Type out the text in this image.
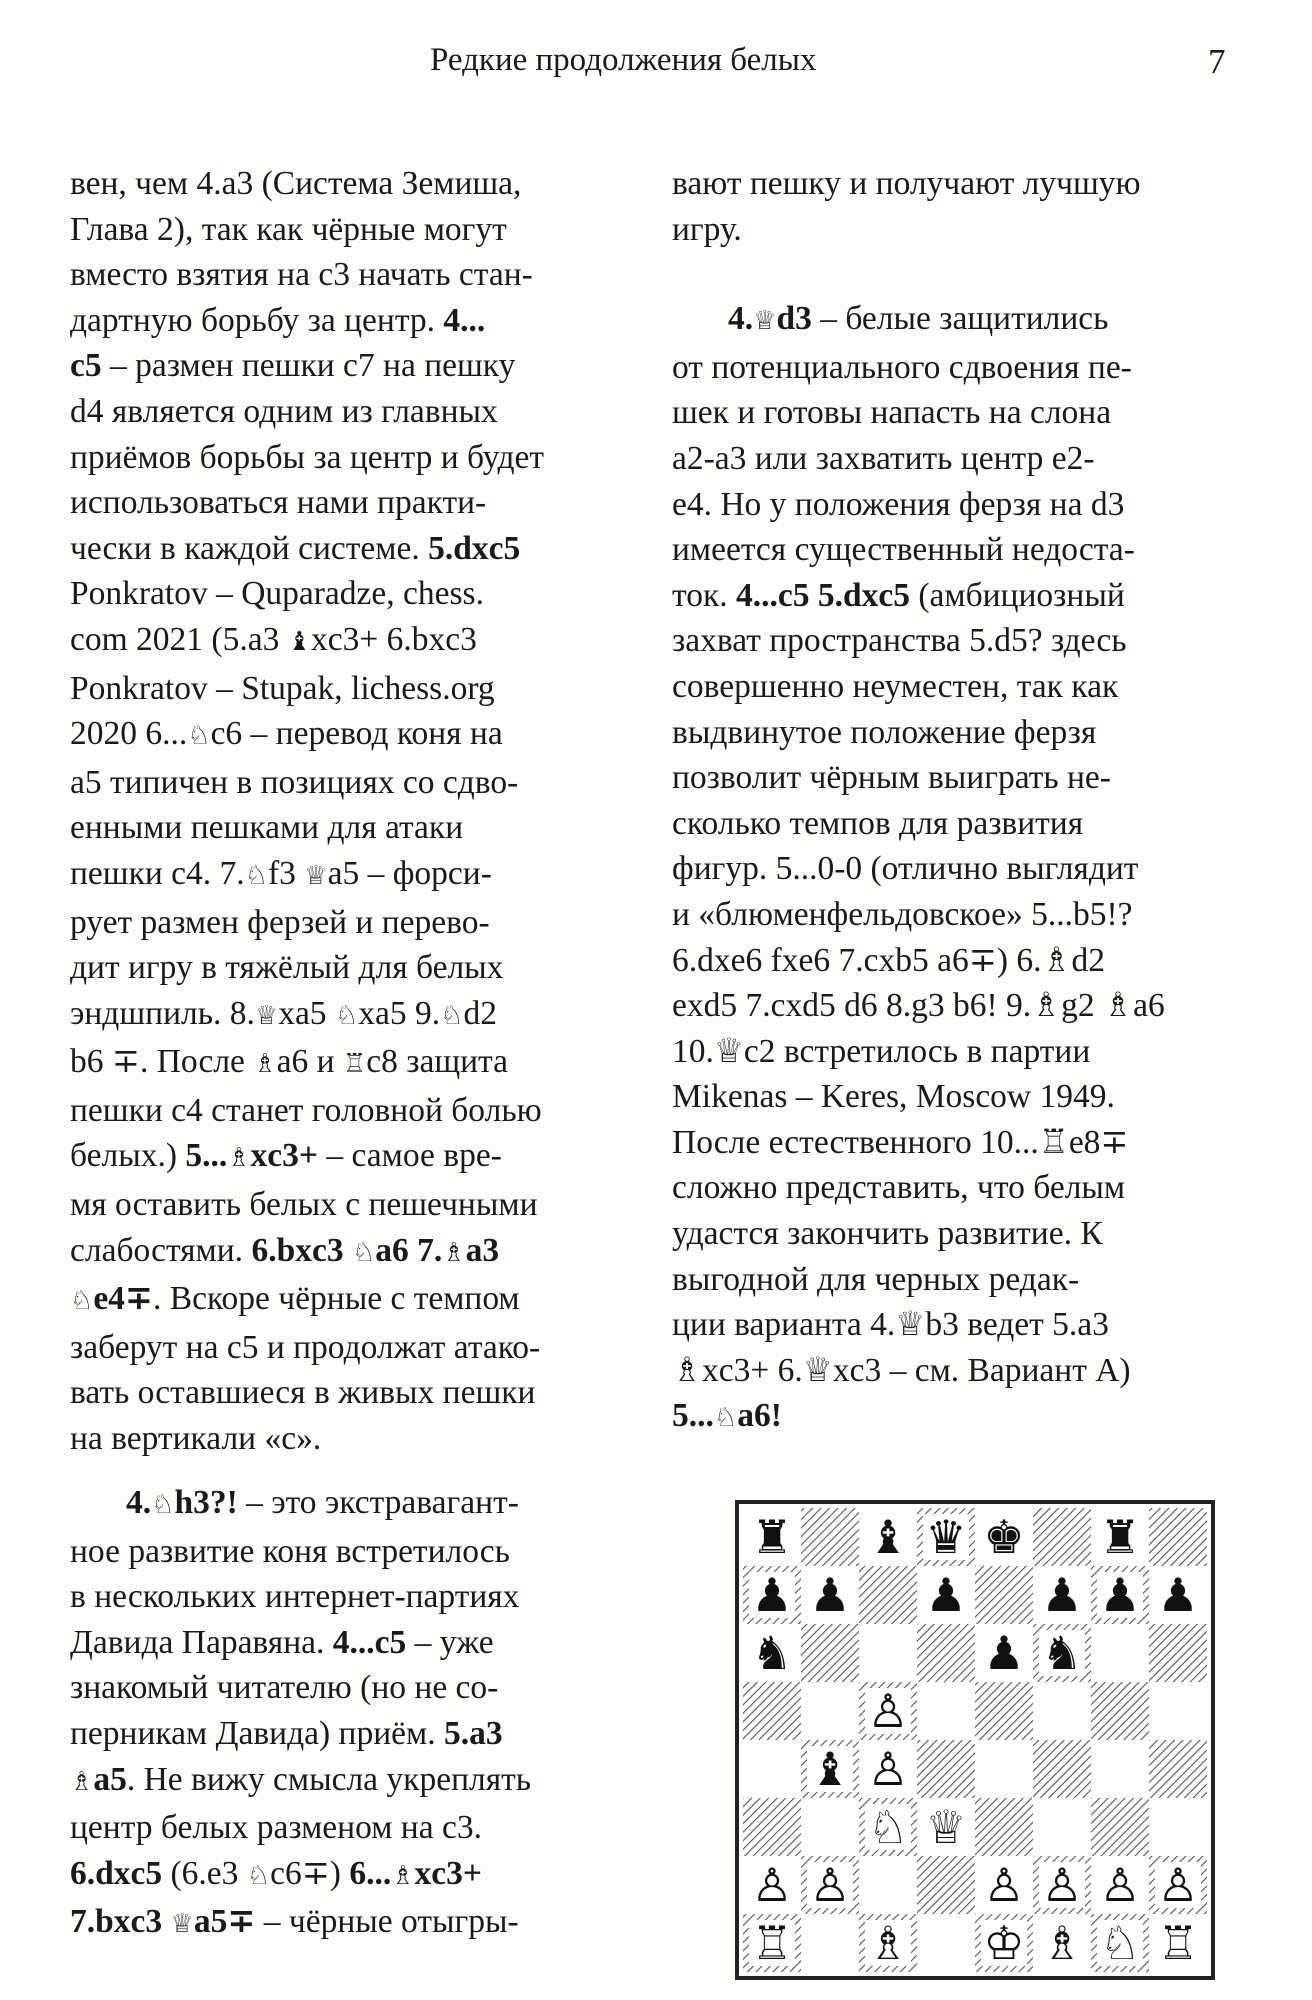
Редкие продолжения белых	7

вен, чем 4.а3 (Система Земиша,

Глава 2), так как чёрные могут

вместо взятия на с3 начать стан-

дартную борьбу за центр. 4...

с5 – размен пешки с7 на пешку

d4 является одним из главных

приёмов борьбы за центр и будет

использоваться нами практи-

чески в каждой системе. 5.dxc5

Ponkratov – Quparadze, chess.

com 2021 (5.a3 ♝xc3+ 6.bxc3

Ponkratov – Stupak, lichess.org

2020 6...♘c6 – перевод коня на

а5 типичен в позициях со сдво-

енными пешками для атаки

пешки с4. 7.♘f3 ♕a5 – форси-

рует размен ферзей и перево-

дит игру в тяжёлый для белых

эндшпиль. 8.♕xa5 ♘xa5 9.♘d2

b6 ∓. После ♗a6 и ♖c8 защита

пешки с4 станет головной болью

белых.) 5...♗xc3+ – самое вре-

мя оставить белых с пешечными

слабостями. 6.bxc3 ♘a6 7.♗a3

♘e4∓. Вскоре чёрные с темпом

заберут на с5 и продолжат атако-

вать оставшиеся в живых пешки

на вертикали «с».

4.♘h3?! – это экстравагант-

ное развитие коня встретилось

в нескольких интернет-партиях

Давида Паравяна. 4...c5 – уже

знакомый читателю (но не со-

перникам Давида) приём. 5.a3

♗a5. Не вижу смысла укреплять

центр белых разменом на с3.

6.dxc5 (6.e3 ♘c6∓) 6...♗xc3+

7.bxc3 ♕a5∓ – чёрные отыгры-

вают пешку и получают лучшую

игру.

4.♕d3 – белые защитились

от потенциального сдвоения пе-

шек и готовы напасть на слона

a2-a3 или захватить центр e2-

e4. Но у положения ферзя на d3

имеется существенный недоста-

ток. 4...c5 5.dxc5 (амбициозный

захват пространства 5.d5? здесь

совершенно неуместен, так как

выдвинутое положение ферзя

позволит чёрным выиграть не-

сколько темпов для развития

фигур. 5...0-0 (отлично выглядит

и «блюменфельдовское» 5...b5!?

6.dxe6 fxe6 7.cxb5 a6∓) 6.♗d2

exd5 7.cxd5 d6 8.g3 b6! 9.♗g2 ♗a6

10.♕c2 встретилось в партии

Mikenas – Keres, Moscow 1949.

После естественного 10...♖e8∓

сложно представить, что белым

удастся закончить развитие. К

выгодной для черных редак-

ции варианта 4.♕b3 ведет 5.a3

♗xc3+ 6.♕xc3 – см. Вариант А)

5...♘a6!

♜ ♝ ♛ ♚ ♜
♟ ♟ ♟ ♟ ♟ ♟
♞	♟ ♞
♙
♝ ♙
♘ ♕
♙ ♙	♙ ♙ ♙ ♙
♖ ♗ ♔ ♗ ♘ ♖
